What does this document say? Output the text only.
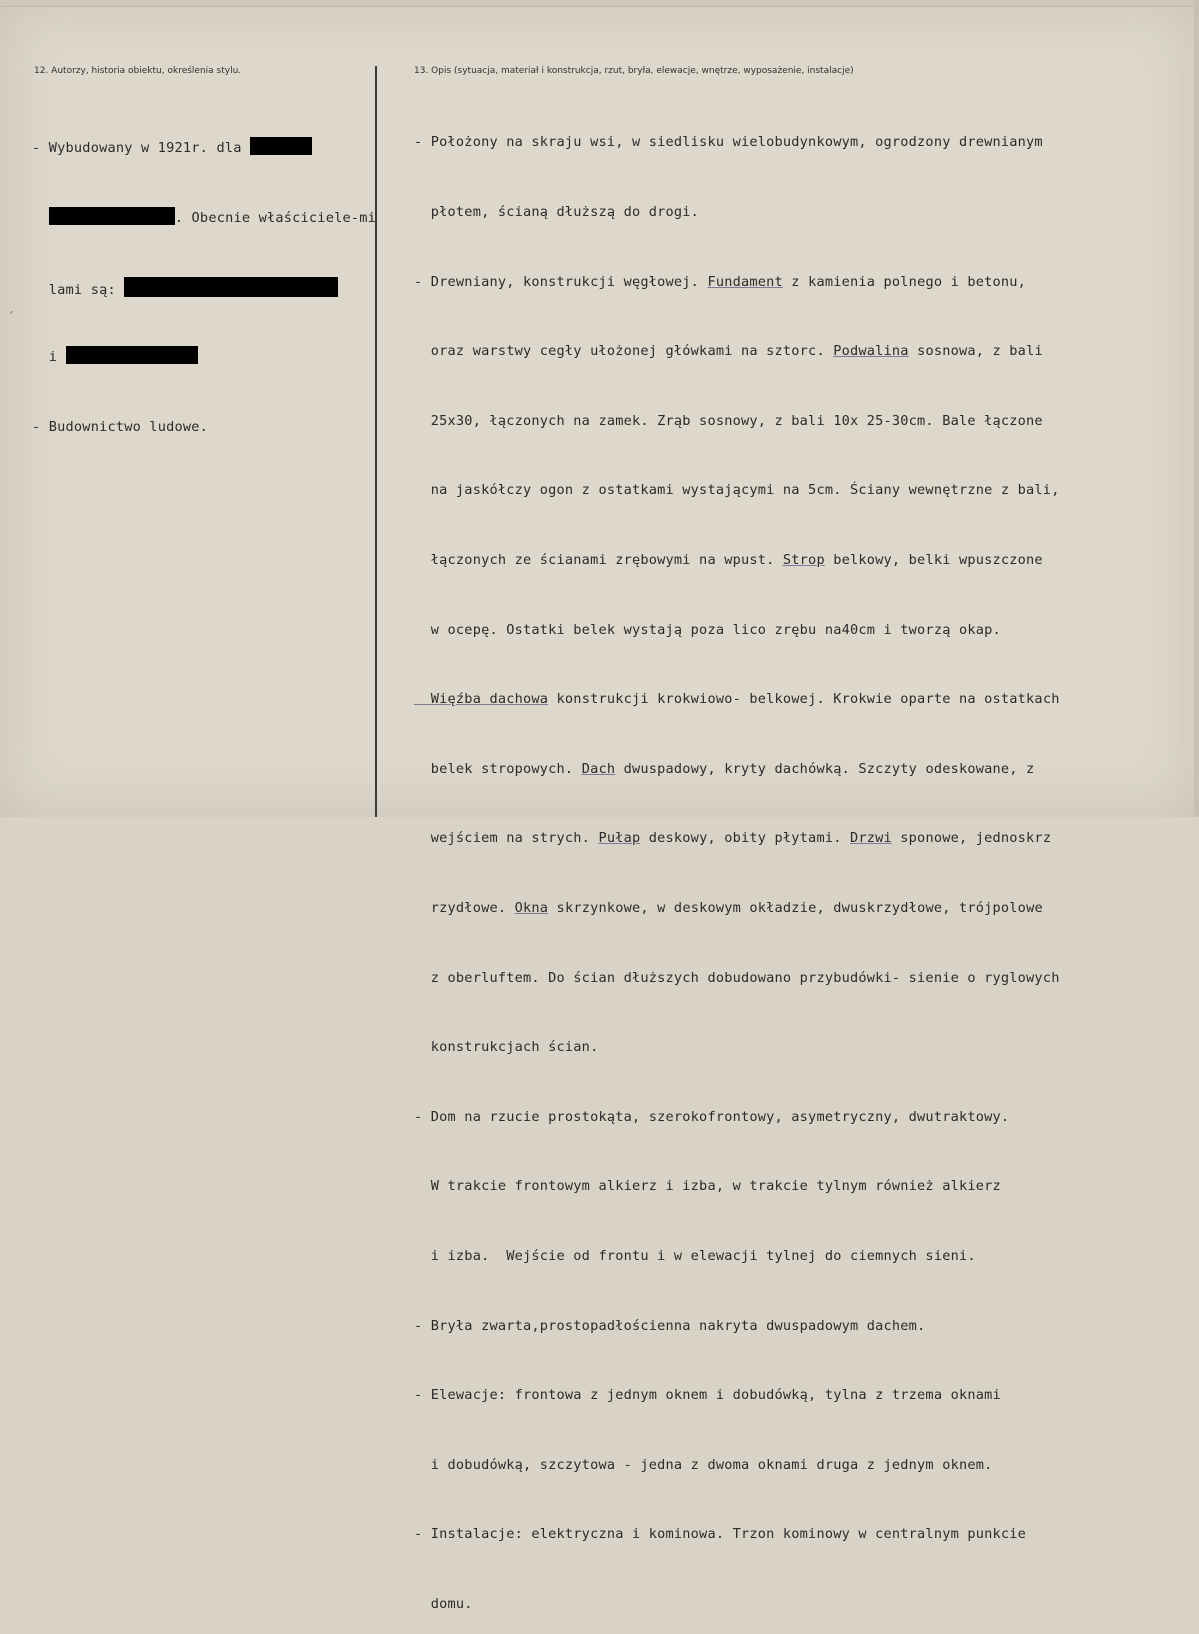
ˊ
12. Autorzy, historia obiektu, określenia stylu.	13. Opis (sytuacja, materiał i konstrukcja, rzut, bryła, elewacje, wnętrze, wyposażenie, instalacje)

- Wybudowany w 1921r. dla

. Obecnie właściciele-mi

lami są:

i

- Budownictwo ludowe.

- Położony na skraju wsi, w siedlisku wielobudynkowym, ogrodzony drewnianym

płotem, ścianą dłuższą do drogi.

- Drewniany, konstrukcji węgłowej. Fundament z kamienia polnego i betonu,

oraz warstwy cegły ułożonej główkami na sztorc. Podwalina sosnowa, z bali

25x30, łączonych na zamek. Zrąb sosnowy, z bali 10x 25-30cm. Bale łączone

na jaskółczy ogon z ostatkami wystającymi na 5cm. Ściany wewnętrzne z bali,

łączonych ze ścianami zrębowymi na wpust. Strop belkowy, belki wpuszczone

w ocepę. Ostatki belek wystają poza lico zrębu na40cm i tworzą okap.

Więźba dachowa konstrukcji krokwiowo- belkowej. Krokwie oparte na ostatkach

belek stropowych. Dach dwuspadowy, kryty dachówką. Szczyty odeskowane, z

wejściem na strych. Pułap deskowy, obity płytami. Drzwi sponowe, jednoskrz

rzydłowe. Okna skrzynkowe, w deskowym okładzie, dwuskrzydłowe, trójpolowe

z oberluftem. Do ścian dłuższych dobudowano przybudówki- sienie o ryglowych

konstrukcjach ścian.

- Dom na rzucie prostokąta, szerokofrontowy, asymetryczny, dwutraktowy.

W trakcie frontowym alkierz i izba, w trakcie tylnym również alkierz

i izba.  Wejście od frontu i w elewacji tylnej do ciemnych sieni.

- Bryła zwarta,prostopadłościenna nakryta dwuspadowym dachem.

- Elewacje: frontowa z jednym oknem i dobudówką, tylna z trzema oknami

i dobudówką, szczytowa - jedna z dwoma oknami druga z jednym oknem.

- Instalacje: elektryczna i kominowa. Trzon kominowy w centralnym punkcie

domu.
